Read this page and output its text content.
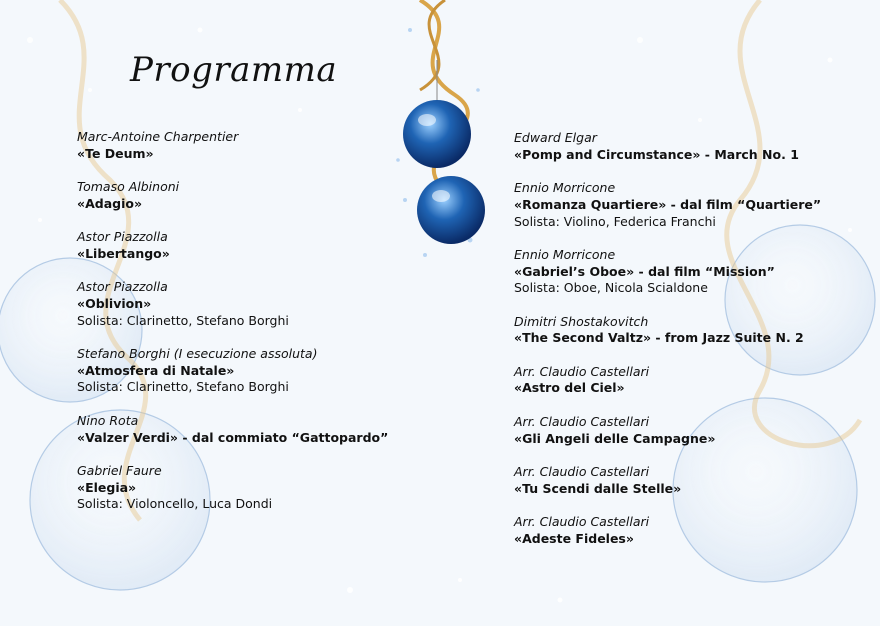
Programma
Marc-Antoine Charpentier
«Te Deum»
Tomaso Albinoni
«Adagio»
Astor Piazzolla
«Libertango»
Astor Piazzolla
«Oblivion»
Solista: Clarinetto, Stefano Borghi
Stefano Borghi (I esecuzione assoluta)
«Atmosfera di Natale»
Solista: Clarinetto, Stefano Borghi
Nino Rota
«Valzer Verdi» - dal commiato “Gattopardo”
Gabriel Faure
«Elegia»
Solista: Violoncello, Luca Dondi
Edward Elgar
«Pomp and Circumstance» - March No. 1
Ennio Morricone
«Romanza Quartiere» - dal film “Quartiere”
Solista: Violino, Federica Franchi
Ennio Morricone
«Gabriel’s Oboe» - dal film “Mission”
Solista: Oboe, Nicola Scialdone
Dimitri Shostakovitch
«The Second Valtz» - from Jazz Suite N. 2
Arr. Claudio Castellari
«Astro del Ciel»
Arr. Claudio Castellari
«Gli Angeli delle Campagne»
Arr. Claudio Castellari
«Tu Scendi dalle Stelle»
Arr. Claudio Castellari
«Adeste Fideles»
